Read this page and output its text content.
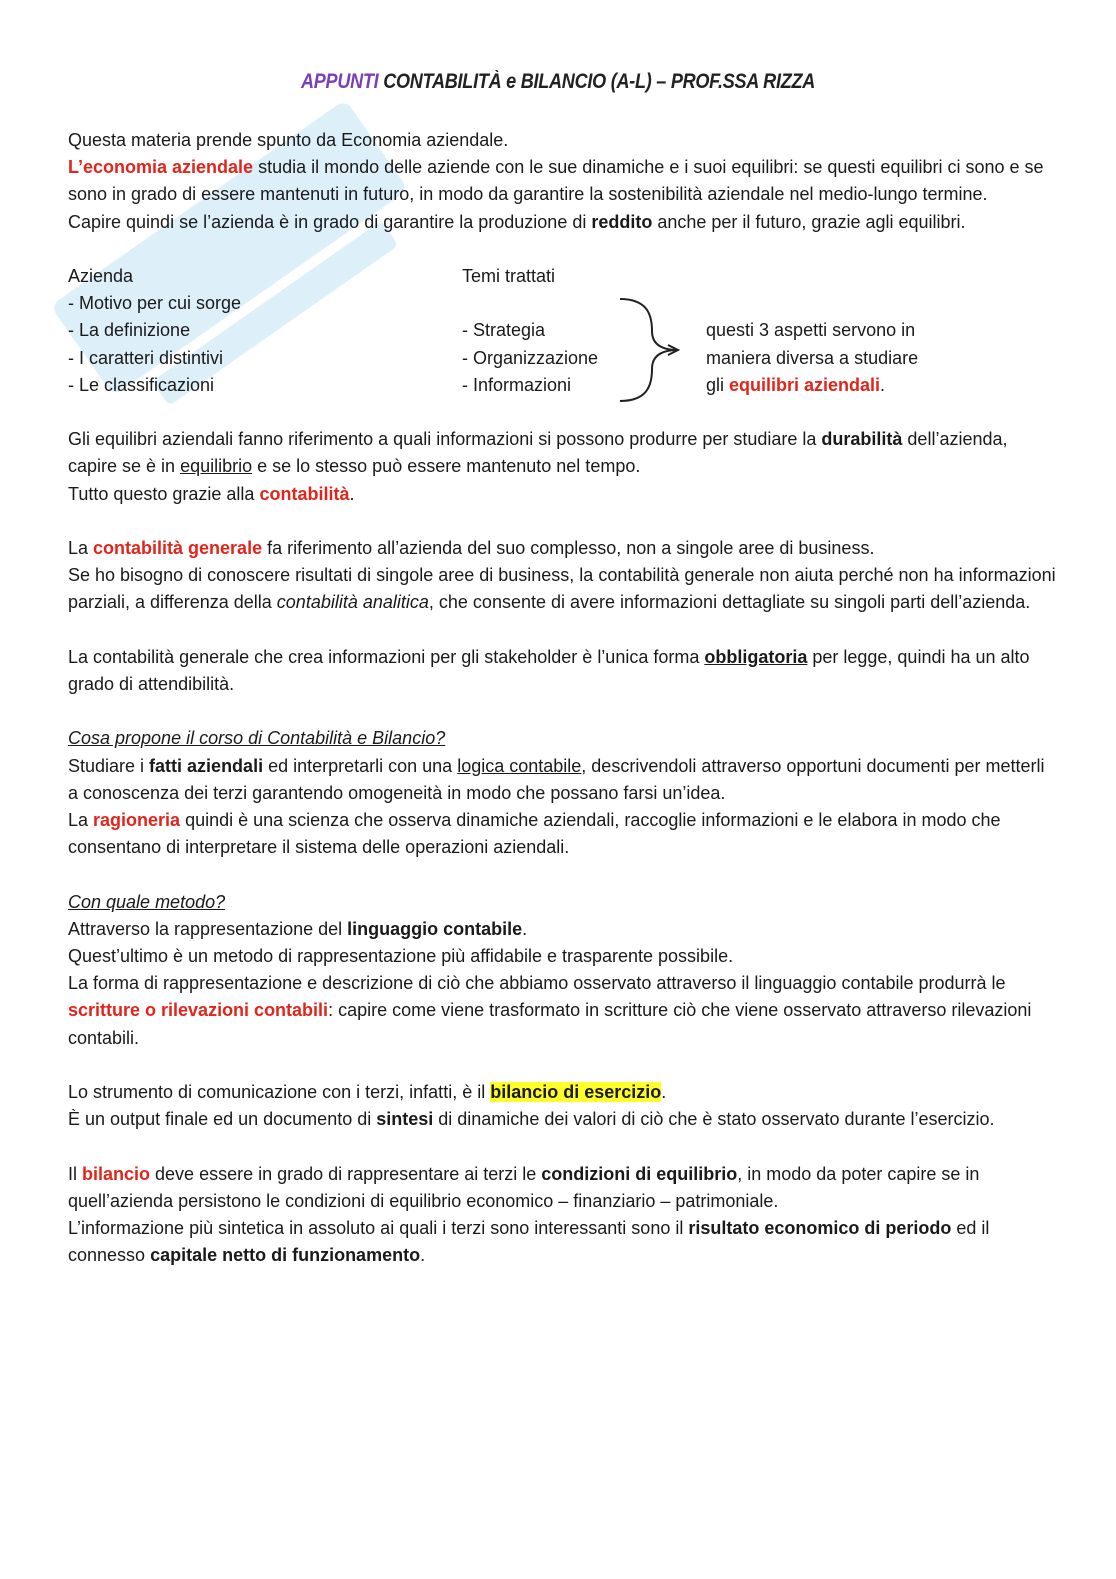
APPUNTI CONTABILITÀ e BILANCIO (A-L) – PROF.SSA RIZZA

Questa materia prende spunto da Economia aziendale.

L’economia aziendale studia il mondo delle aziende con le sue dinamiche e i suoi equilibri: se questi equilibri ci sono e se sono in grado di essere mantenuti in futuro, in modo da garantire la sostenibilità aziendale nel medio-lungo termine.

Capire quindi se l’azienda è in grado di garantire la produzione di reddito anche per il futuro, grazie agli equilibri.

Azienda

- Motivo per cui sorge

- La definizione

- I caratteri distintivi

- Le classificazioni

Temi trattati

- Strategia

- Organizzazione

- Informazioni

questi 3 aspetti servono in

maniera diversa a studiare

gli equilibri aziendali.

Gli equilibri aziendali fanno riferimento a quali informazioni si possono produrre per studiare la durabilità dell’azienda, capire se è in equilibrio e se lo stesso può essere mantenuto nel tempo.

Tutto questo grazie alla contabilità.

La contabilità generale fa riferimento all’azienda del suo complesso, non a singole aree di business.

Se ho bisogno di conoscere risultati di singole aree di business, la contabilità generale non aiuta perché non ha informazioni parziali, a differenza della contabilità analitica, che consente di avere informazioni dettagliate su singoli parti dell’azienda.

La contabilità generale che crea informazioni per gli stakeholder è l’unica forma obbligatoria per legge, quindi ha un alto grado di attendibilità.

Cosa propone il corso di Contabilità e Bilancio?

Studiare i fatti aziendali ed interpretarli con una logica contabile, descrivendoli attraverso opportuni documenti per metterli a conoscenza dei terzi garantendo omogeneità in modo che possano farsi un’idea.

La ragioneria quindi è una scienza che osserva dinamiche aziendali, raccoglie informazioni e le elabora in modo che consentano di interpretare il sistema delle operazioni aziendali.

Con quale metodo?

Attraverso la rappresentazione del linguaggio contabile.

Quest’ultimo è un metodo di rappresentazione più affidabile e trasparente possibile.

La forma di rappresentazione e descrizione di ciò che abbiamo osservato attraverso il linguaggio contabile produrrà le scritture o rilevazioni contabili: capire come viene trasformato in scritture ciò che viene osservato attraverso rilevazioni contabili.

Lo strumento di comunicazione con i terzi, infatti, è il bilancio di esercizio.

È un output finale ed un documento di sintesi di dinamiche dei valori di ciò che è stato osservato durante l’esercizio.

Il bilancio deve essere in grado di rappresentare ai terzi le condizioni di equilibrio, in modo da poter capire se in quell’azienda persistono le condizioni di equilibrio economico – finanziario – patrimoniale.

L’informazione più sintetica in assoluto ai quali i terzi sono interessanti sono il risultato economico di periodo ed il connesso capitale netto di funzionamento.
